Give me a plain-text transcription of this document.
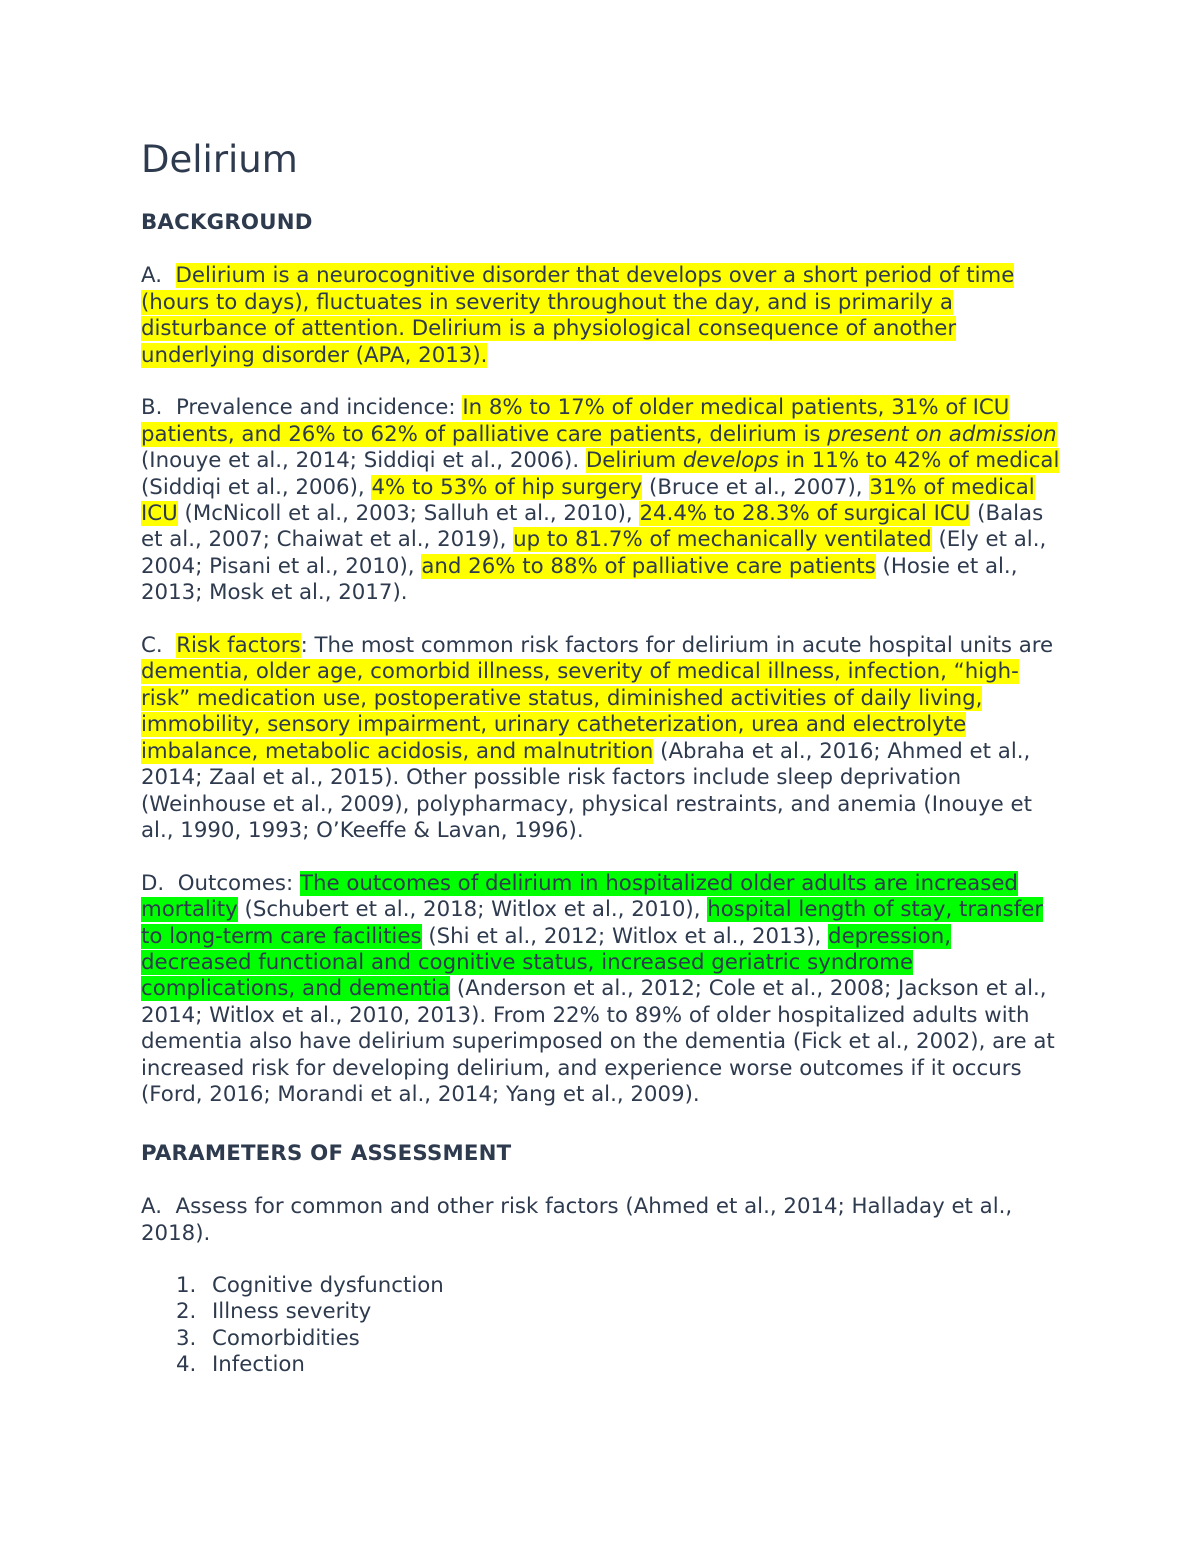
Delirium
BACKGROUND
A. Delirium is a neurocognitive disorder that develops over a short period of time (hours to days), fluctuates in severity throughout the day, and is primarily a disturbance of attention. Delirium is a physiological consequence of another underlying disorder (APA, 2013).
B. Prevalence and incidence: In 8% to 17% of older medical patients, 31% of ICU patients, and 26% to 62% of palliative care patients, delirium is present on admission (Inouye et al., 2014; Siddiqi et al., 2006). Delirium develops in 11% to 42% of medical (Siddiqi et al., 2006), 4% to 53% of hip surgery (Bruce et al., 2007), 31% of medical ICU (McNicoll et al., 2003; Salluh et al., 2010), 24.4% to 28.3% of surgical ICU (Balas et al., 2007; Chaiwat et al., 2019), up to 81.7% of mechanically ventilated (Ely et al., 2004; Pisani et al., 2010), and 26% to 88% of palliative care patients (Hosie et al., 2013; Mosk et al., 2017).
C. Risk factors: The most common risk factors for delirium in acute hospital units are dementia, older age, comorbid illness, severity of medical illness, infection, “high-risk” medication use, postoperative status, diminished activities of daily living, immobility, sensory impairment, urinary catheterization, urea and electrolyte imbalance, metabolic acidosis, and malnutrition (Abraha et al., 2016; Ahmed et al., 2014; Zaal et al., 2015). Other possible risk factors include sleep deprivation (Weinhouse et al., 2009), polypharmacy, physical restraints, and anemia (Inouye et al., 1990, 1993; O’Keeffe & Lavan, 1996).
D. Outcomes: The outcomes of delirium in hospitalized older adults are increased mortality (Schubert et al., 2018; Witlox et al., 2010), hospital length of stay, transfer to long-term care facilities (Shi et al., 2012; Witlox et al., 2013), depression, decreased functional and cognitive status, increased geriatric syndrome complications, and dementia (Anderson et al., 2012; Cole et al., 2008; Jackson et al., 2014; Witlox et al., 2010, 2013). From 22% to 89% of older hospitalized adults with dementia also have delirium superimposed on the dementia (Fick et al., 2002), are at increased risk for developing delirium, and experience worse outcomes if it occurs (Ford, 2016; Morandi et al., 2014; Yang et al., 2009).
PARAMETERS OF ASSESSMENT
A. Assess for common and other risk factors (Ahmed et al., 2014; Halladay et al., 2018).
1. Cognitive dysfunction
2. Illness severity
3. Comorbidities
4. Infection
